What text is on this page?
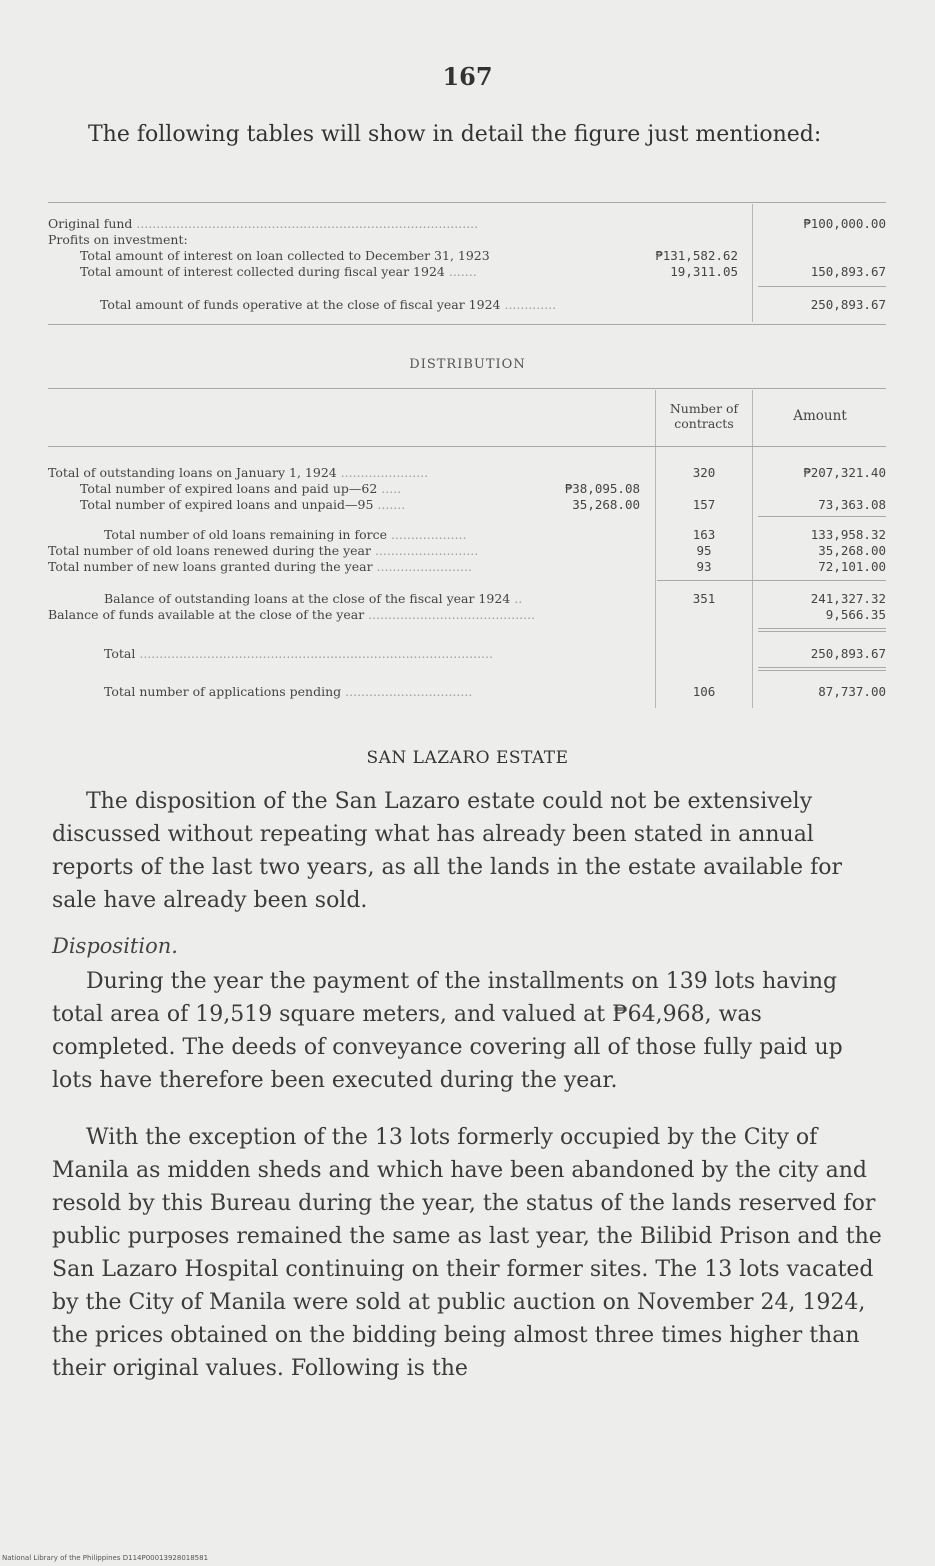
167
The following tables will show in detail the figure just mentioned:
Original fund ......................................................................................	₱100,000.00
Profits on investment:
Total amount of interest on loan collected to December 31, 1923	₱131,582.62
Total amount of interest collected during fiscal year 1924 .......	19,311.05	150,893.67
Total amount of funds operative at the close of fiscal year 1924 .............	250,893.67
DISTRIBUTION
Number of contracts	Amount
Total of outstanding loans on January 1, 1924 ......................	320	₱207,321.40
Total number of expired loans and paid up—62 .....	₱38,095.08
Total number of expired loans and unpaid—95 .......	35,268.00	157	73,363.08
Total number of old loans remaining in force ...................	163	133,958.32
Total number of old loans renewed during the year ..........................	95	35,268.00
Total number of new loans granted during the year ........................	93	72,101.00
Balance of outstanding loans at the close of the fiscal year 1924 ..	351	241,327.32
Balance of funds available at the close of the year ..........................................	9,566.35
Total .........................................................................................	250,893.67
Total number of applications pending ................................	106	87,737.00
SAN LAZARO ESTATE
The disposition of the San Lazaro estate could not be extensively discussed without repeating what has already been stated in annual reports of the last two years, as all the lands in the estate available for sale have already been sold.
Disposition.
During the year the payment of the installments on 139 lots having total area of 19,519 square meters, and valued at ₱64,968, was completed. The deeds of conveyance covering all of those fully paid up lots have therefore been executed during the year.
With the exception of the 13 lots formerly occupied by the City of Manila as midden sheds and which have been abandoned by the city and resold by this Bureau during the year, the status of the lands reserved for public purposes remained the same as last year, the Bilibid Prison and the San Lazaro Hospital continuing on their former sites. The 13 lots vacated by the City of Manila were sold at public auction on November 24, 1924, the prices obtained on the bidding being almost three times higher than their original values. Following is the
National Library of the Philippines D114P00013928018581
